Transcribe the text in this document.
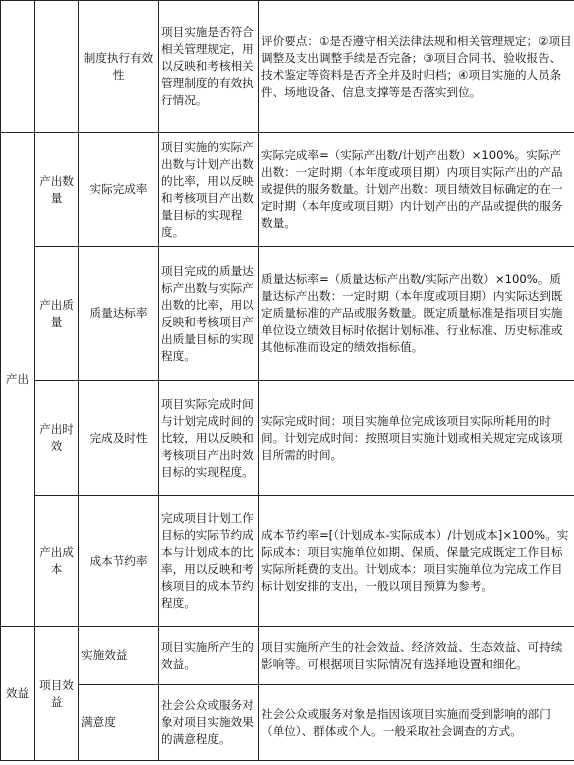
		制度执行有效性	项目实施是否符合相关管理规定，用以反映和考核相关管理制度的有效执行情况。	评价要点：①是否遵守相关法律法规和相关管理规定；②项目调整及支出调整手续是否完备；③项目合同书、验收报告、技术鉴定等资料是否齐全并及时归档；④项目实施的人员条件、场地设备、信息支撑等是否落实到位。
产出	产出数量	实际完成率	项目实施的实际产出数与计划产出数的比率，用以反映和考核项目产出数量目标的实现程度。	实际完成率=（实际产出数/计划产出数）×100%。实际产出数：一定时期（本年度或项目期）内项目实际产出的产品或提供的服务数量。计划产出数：项目绩效目标确定的在一定时期（本年度或项目期）内计划产出的产品或提供的服务数量。
	产出质量	质量达标率	项目完成的质量达标产出数与实际产出数的比率，用以反映和考核项目产出质量目标的实现程度。	质量达标率=（质量达标产出数/实际产出数）×100%。质量达标产出数：一定时期（本年度或项目期）内实际达到既定质量标准的产品或服务数量。既定质量标准是指项目实施单位设立绩效目标时依据计划标准、行业标准、历史标准或其他标准而设定的绩效指标值。
	产出时效	完成及时性	项目实际完成时间与计划完成时间的比较，用以反映和考核项目产出时效目标的实现程度。	实际完成时间：项目实施单位完成该项目实际所耗用的时间。计划完成时间：按照项目实施计划或相关规定完成该项目所需的时间。
	产出成本	成本节约率	完成项目计划工作目标的实际节约成本与计划成本的比率，用以反映和考核项目的成本节约程度。	成本节约率=[（计划成本-实际成本）/计划成本]×100%。实际成本：项目实施单位如期、保质、保量完成既定工作目标实际所耗费的支出。计划成本：项目实施单位为完成工作目标计划安排的支出，一般以项目预算为参考。
效益	项目效益	实施效益	项目实施所产生的效益。	项目实施所产生的社会效益、经济效益、生态效益、可持续影响等。可根据项目实际情况有选择地设置和细化。
		满意度	社会公众或服务对象对项目实施效果的满意程度。	社会公众或服务对象是指因该项目实施而受到影响的部门（单位）、群体或个人。一般采取社会调查的方式。
